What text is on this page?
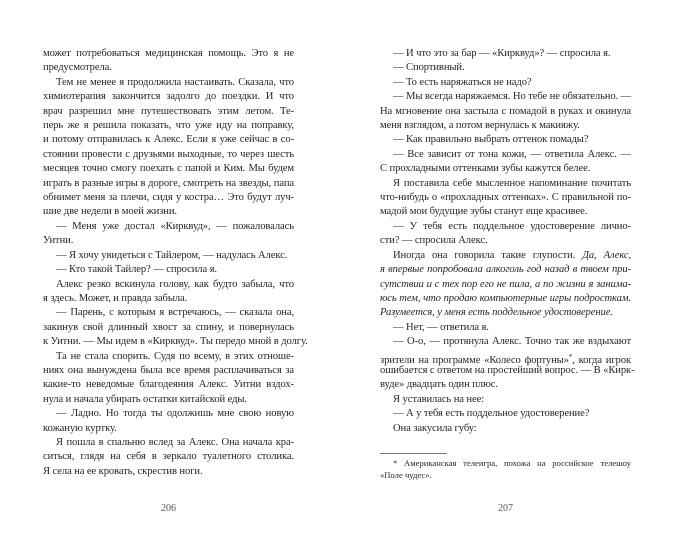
может потребоваться медицинская помощь. Это я не
предусмотрела.
Тем не менее я продолжила настаивать. Сказала, что
химиотерапия закончится задолго до поездки. И что
врач разрешил мне путешествовать этим летом. Те-
перь же я решила показать, что уже иду на поправку,
и потому отправилась к Алекс. Если я уже сейчас в со-
стоянии провести с друзьями выходные, то через шесть
месяцев точно смогу поехать с папой и Ким. Мы будем
играть в разные игры в дороге, смотреть на звезды, папа
обнимет меня за плечи, сидя у костра… Это будут луч-
шие две недели в моей жизни.
— Меня уже достал «Кирквуд», — пожаловалась
Уитни.
— Я хочу увидеться с Тайлером, — надулась Алекс.
— Кто такой Тайлер? — спросила я.
Алекс резко вскинула голову, как будто забыла, что
я здесь. Может, и правда забыла.
— Парень, с которым я встречаюсь, — сказала она,
закинув свой длинный хвост за спину, и повернулась
к Уитни. — Мы идем в «Кирквуд». Ты передо мной в долгу.
Та не стала спорить. Судя по всему, в этих отноше-
ниях она вынуждена была все время расплачиваться за
какие-то неведомые благодеяния Алекс. Уитни вздох-
нула и начала убирать остатки китайской еды.
— Ладно. Но тогда ты одолжишь мне свою новую
кожаную куртку.
Я пошла в спальню вслед за Алекс. Она начала кра-
ситься, глядя на себя в зеркало туалетного столика.
Я села на ее кровать, скрестив ноги.
206
— И что это за бар — «Кирквуд»? — спросила я.
— Спортивный.
— То есть наряжаться не надо?
— Мы всегда наряжаемся. Но тебе не обязательно. —
На мгновение она застыла с помадой в руках и окинула
меня взглядом, а потом вернулась к макияжу.
— Как правильно выбрать оттенок помады?
— Все зависит от тона кожи, — ответила Алекс. —
С прохладными оттенками зубы кажутся белее.
Я поставила себе мысленное напоминание почитать
что-нибудь о «прохладных оттенках». С правильной по-
мадой мои будущие зубы станут еще красивее.
— У тебя есть поддельное удостоверение лично-
сти? — спросила Алекс.
Иногда она говорила такие глупости. Да, Алекс,
я впервые попробовала алкоголь год назад в твоем при-
сутствии и с тех пор его не пила, а по жизни я занима-
юсь тем, что продаю компьютерные игры подросткам.
Разумеется, у меня есть поддельное удостоверение.
— Нет, — ответила я.
— О-о, — протянула Алекс. Точно так же вздыхают
зрители на программе «Колесо фортуны»*, когда игрок
ошибается с ответом на простейший вопрос. — В «Кирк-
вуде» двадцать один плюс.
Я уставилась на нее:
— А у тебя есть поддельное удостоверение?
Она закусила губу:
* Американская телеигра, похожа на российское телешоу
«Поле чудес».
207
